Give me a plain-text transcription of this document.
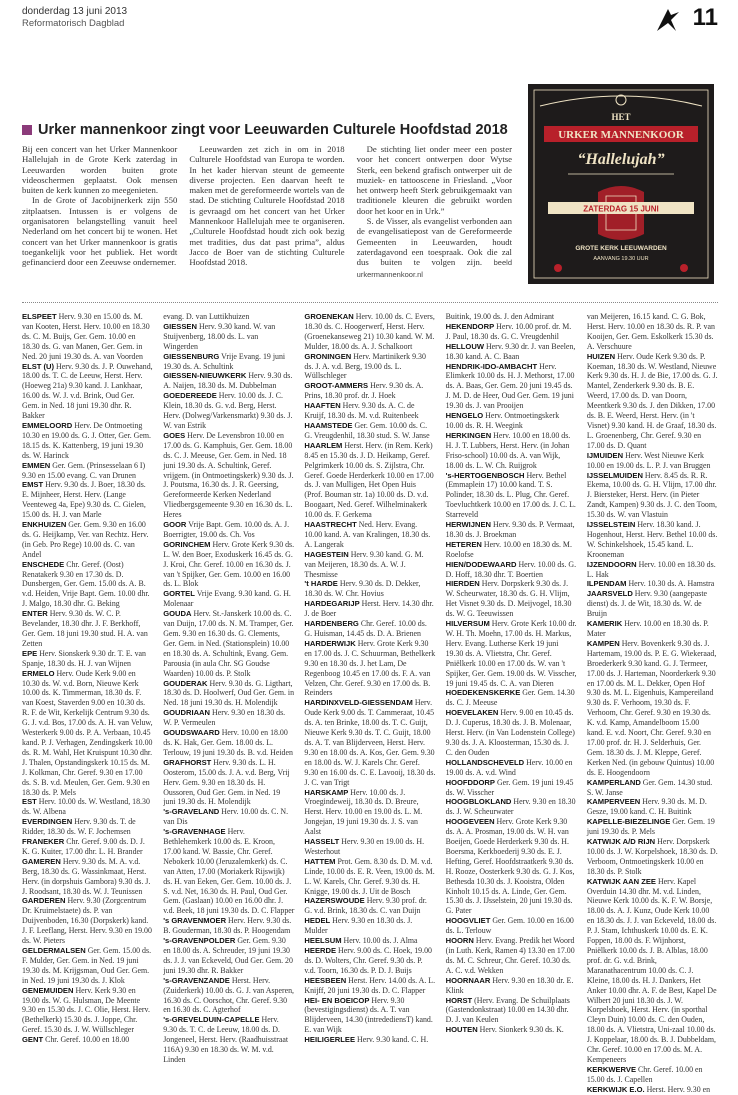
donderdag 13 juni 2013
Reformatorisch Dagblad	11
Urker mannenkoor zingt voor Leeuwarden Culturele Hoofdstad 2018

Bij een concert van het Urker Mannenkoor Hallelujah in de Grote Kerk zaterdag in Leeuwarden worden buiten grote videoschermen geplaatst. Ook mensen buiten de kerk kunnen zo meegenieten.

In de Grote of Jacobijnerkerk zijn 550 zitplaatsen. Intussen is er volgens de organisatoren belangstelling vanuit heel Nederland om het concert bij te wonen. Het concert van het Urker mannenkoor is gratis toegankelijk voor het publiek. Het wordt gefinancierd door een Zeeuwse ondernemer.

Leeuwarden zet zich in om in 2018 Culturele Hoofdstad van Europa te worden. In het kader hiervan steunt de gemeente diverse projecten. Een daarvan heeft te maken met de gereformeerde wortels van de stad. De stichting Culturele Hoofdstad 2018 is gevraagd om het concert van het Urker Mannenkoor Hallelujah mee te organiseren. „Culturele Hoofdstad houdt zich ook bezig met tradities, dus dat past prima”, aldus Jacco de Boer van de stichting Culturele Hoofdstad 2018.

De stichting liet onder meer een poster voor het concert ontwerpen door Wytse Sterk, een bekend grafisch ontwerper uit de muziek- en tattooscene in Friesland. „Voor het ontwerp heeft Sterk gebruikgemaakt van traditionele kleuren die gebruikt worden door het koor en in Urk.”

S. de Visser, als evangelist verbonden aan de evangelisatiepost van de Gereformeerde Gemeenten in Leeuwarden, houdt zaterdagavond een toespraak. Ook die zal dus buiten te volgen zijn. beeld urkermannenkoor.nl

HET
URKER MANNENKOOR
“Hallelujah”
ZATERDAG 15 JUNI
GROTE KERK LEEUWARDEN
AANVANG 19.30 UUR

ELSPEET Herv. 9.30 en 15.00 ds. M. van Kooten, Herst. Herv. 10.00 en 18.30 ds. C. M. Buijs, Ger. Gem. 10.00 en 18.30 ds. G. van Manen, Ger. Gem. in Ned. 20 juni 19.30 ds. A. van Voorden

ELST (U) Herv. 9.30 ds. J. P. Ouwehand, 18.00 ds. T. C. de Leeuw, Herst. Herv. (Hoeweg 21a) 9.30 kand. J. Lankhaar, 16.00 ds. W. J. v.d. Brink, Oud Ger. Gem. in Ned. 18 juni 19.30 dhr. R. Bakker

EMMELOORD Herv. De Ontmoeting 10.30 en 19.00 ds. G. J. Otter, Ger. Gem. 18.15 ds. K. Kattenberg, 19 juni 19.30 ds. W. Harinck

EMMEN Ger. Gem. (Prinsesselaan 6 I) 9.30 en 15.00 evang. C. van Drunen

EMST Herv. 9.30 ds. J. Boer, 18.30 ds. E. Mijnheer, Herst. Herv. (Lange Veenteweg 4a, Epe) 9.30 ds. C. Gielen, 15.00 ds. H. J. van Marle

ENKHUIZEN Ger. Gem. 9.30 en 16.00 ds. G. Heijkamp, Ver. van Rechtz. Herv. (in Geb. Pro Rege) 10.00 ds. C. van Andel

ENSCHEDE Chr. Geref. (Oost) Renatakerk 9.30 en 17.30 ds. D. Dunsbergen, Ger. Gem. 15.00 ds. A. B. v.d. Heiden, Vrije Bapt. Gem. 10.00 dhr. J. Malgo, 18.30 dhr. G. Beking

ENTER Herv. 9.30 ds. W. C. P. Bevelander, 18.30 dhr. J. F. Berkhoff, Ger. Gem. 18 juni 19.30 stud. H. A. van Zetten

EPE Herv. Sionskerk 9.30 dr. T. E. van Spanje, 18.30 ds. H. J. van Wijnen

ERMELO Herv. Oude Kerk 9.00 en 10.30 ds. W. v.d. Born, Nieuwe Kerk 10.00 ds. K. Timmerman, 18.30 ds. F. van Koest, Staverden 9.00 en 10.30 ds. R. F. de Wit, Kerkelijk Centrum 9.30 ds. G. J. v.d. Bos, 17.00 ds. A. H. van Veluw, Westerkerk 9.00 ds. P. A. Verbaan, 10.45 kand. P. J. Verhagen, Zendingskerk 10.00 ds. R. M. Wahl, Het Kruispunt 10.30 dhr. J. Thalen, Opstandingskerk 10.15 ds. M. J. Kolkman, Chr. Geref. 9.30 en 17.00 ds. S. B. v.d. Meulen, Ger. Gem. 9.30 en 18.30 ds. P. Mels

EST Herv. 10.00 ds. W. Westland, 18.30 ds. W. Albena

EVERDINGEN Herv. 9.30 ds. T. de Ridder, 18.30 ds. W. F. Jochemsen

FRANEKER Chr. Geref. 9.00 ds. D. J. K. G. Kuiter, 17.00 dhr. L. H. Brander

GAMEREN Herv. 9.30 ds. M. A. v.d. Berg, 18.30 ds. G. Wassinkmaat, Herst. Herv. (in dorpshuis Gambora) 9.30 ds. J. J. Roodsant, 18.30 ds. W. J. Teunissen

GARDEREN Herv. 9.30 (Zorgcentrum Dr. Kruimelstaete) ds. P. van Duijvenboden, 16.30 (Dorpskerk) kand. J. F. Leeflang, Herst. Herv. 9.30 en 19.00 ds. W. Pieters

GELDERMALSEN Ger. Gem. 15.00 ds. F. Mulder, Ger. Gem. in Ned. 19 juni 19.30 ds. M. Krijgsman, Oud Ger. Gem. in Ned. 19 juni 19.30 ds. J. Klok

GENEMUIDEN Herv. Kerk 9.30 en 19.00 ds. W. G. Hulsman, De Meente 9.30 en 15.30 ds. J. C. Olie, Herst. Herv. (Bethelkerk) 15.30 ds. J. Joppe, Chr. Geref. 15.30 ds. J. W. Wüllschleger

GENT Chr. Geref. 10.00 en 18.00

evang. D. van Luttikhuizen

GIESSEN Herv. 9.30 kand. W. van Stuijvenberg, 18.00 ds. L. van Wingerden

GIESSENBURG Vrije Evang. 19 juni 19.30 ds. A. Schultink

GIESSEN-NIEUWKERK Herv. 9.30 ds. A. Naijen, 18.30 ds. M. Dubbelman

GOEDEREEDE Herv. 10.00 ds. J. C. Klein, 18.30 ds. G. v.d. Berg, Herst. Herv. (Dolweg/Varkensmarkt) 9.30 ds. J. W. van Estrik

GOES Herv. De Levensbron 10.00 en 17.00 ds. G. Kamphuis, Ger. Gem. 18.00 ds. C. J. Meeuse, Ger. Gem. in Ned. 18 juni 19.30 ds. A. Schultink, Geref. vrijgem. (in Ontmoetingskerk) 9.30 ds. J. J. Poutsma, 16.30 ds. J. R. Geersing, Gereformeerde Kerken Nederland Vliedbergsgemeente 9.30 en 16.30 ds. L. Heres

GOOR Vrije Bapt. Gem. 10.00 ds. A. J. Boerrigter, 19.00 ds. Ch. Vos

GORINCHEM Herv. Grote Kerk 9.30 ds. L. W. den Boer, Exoduskerk 16.45 ds. G. J. Kroi, Chr. Geref. 10.00 en 16.30 ds. J. van 't Spijker, Ger. Gem. 10.00 en 16.00 ds. L. Blok

GORTEL Vrije Evang. 9.30 kand. G. H. Molenaar

GOUDA Herv. St.-Janskerk 10.00 ds. C. van Duijn, 17.00 ds. N. M. Tramper, Ger. Gem. 9.30 en 16.30 ds. G. Clements, Ger. Gem. in Ned. (Stationsplein) 10.00 en 18.30 ds. A. Schultink, Evang. Gem. Parousia (in aula Chr. SG Goudse Waarden) 10.00 ds. P. Stolk

GOUDERAK Herv. 9.30 ds. G. Ligthart, 18.30 ds. D. Hoolwerf, Oud Ger. Gem. in Ned. 18 juni 19.30 ds. H. Molendijk

GOUDRIAAN Herv. 9.30 en 18.30 ds. W. P. Vermeulen

GOUDSWAARD Herv. 10.00 en 18.00 ds. K. Hak, Ger. Gem. 18.00 ds. L. Terlouw, 19 juni 19.30 ds. B. v.d. Heiden

GRAFHORST Herv. 9.30 ds. L. H. Oosterom, 15.00 ds. J. A. v.d. Berg, Vrij Herv. Gem. 9.30 en 18.30 ds. H. Oussoren, Oud Ger. Gem. in Ned. 19 juni 19.30 ds. H. Molendijk

's-GRAVELAND Herv. 10.00 ds. C. N. van Dis

's-GRAVENHAGE Herv. Bethlehemkerk 10.00 ds. E. Kroon, 17.00 kand. W. Bassie, Chr. Geref. Nebokerk 10.00 (Jeruzalemkerk) ds. C. van Atten, 17.00 (Moriakerk Rijswijk) ds. H. van Eeken, Ger. Gem. 10.00 ds. J. S. v.d. Net, 16.30 ds. H. Paul, Oud Ger. Gem. (Gaslaan) 10.00 en 16.00 dhr. J. v.d. Beek, 18 juni 19.30 ds. D. C. Flapper

's GRAVENMOER Herv. Herv. 9.30 ds. B. Gouderman, 18.30 ds. P. Hoogendam

's-GRAVENPOLDER Ger. Gem. 9.30 en 18.00 ds. A. Schreuder, 19 juni 19.30 ds. J. J. van Eckeveld, Oud Ger. Gem. 20 juni 19.30 dhr. R. Bakker

's-GRAVENZANDE Herst. Herv. (Zuiderkerk) 10.00 ds. G. J. van Asperen, 16.30 ds. C. Oorschot, Chr. Geref. 9.30 en 16.30 ds. C. Agterhof

's-GREVELDUIN-CAPELLE Herv. 9.30 ds. T. C. de Leeuw, 18.00 ds. D. Jongeneel, Herst. Herv. (Raadhuisstraat 116A) 9.30 en 18.30 ds. W. M. v.d. Linden

GROENEKAN Herv. 10.00 ds. C. Evers, 18.30 ds. C. Hoogerwerf, Herst. Herv. (Groenekanseweg 21) 10.30 kand. W. M. Mulder, 18.00 ds. A. J. Schalkoort

GRONINGEN Herv. Martinikerk 9.30 ds. J. A. v.d. Berg, 19.00 ds. L. Wüllschleger

GROOT-AMMERS Herv. 9.30 ds. A. Prins, 18.30 prof. dr. J. Hoek

HAAFTEN Herv. 9.30 ds. A. C. de Kruijf, 18.30 ds. M. v.d. Ruitenbeek

HAAMSTEDE Ger. Gem. 10.00 ds. C. G. Vreugdenhil, 18.30 stud. S. W. Janse

HAARLEM Herst. Herv. (in Rem. Kerk) 8.45 en 15.30 ds. J. D. Heikamp, Geref. Pelgrimkerk 10.00 ds. S. Zijlstra, Chr. Geref. Goede Herderkerk 10.00 en 17.00 ds. J. van Mulligen, Het Open Huis (Prof. Bouman str. 1a) 10.00 ds. D. v.d. Boogaart, Ned. Geref. Wilhelminakerk 10.00 ds. F. Gerkema

HAASTRECHT Ned. Herv. Evang. 10.00 kand. A. van Kralingen, 18.30 ds. A. Langerak

HAGESTEIN Herv. 9.30 kand. G. M. van Meijeren, 18.30 ds. A. W. J. Thesmisse

't HARDE Herv. 9.30 ds. D. Dekker, 18.30 ds. W. Chr. Hovius

HARDEGARIJP Herst. Herv. 14.30 dhr. J. de Boer

HARDENBERG Chr. Geref. 10.00 ds. G. Huisman, 14.45 ds. D. A. Brienen

HARDERWIJK Herv. Grote Kerk 9.30 en 17.00 ds. J. C. Schuurman, Bethelkerk 9.30 en 18.30 ds. J. het Lam, De Regenboog 10.45 en 17.00 ds. F. A. van Velzen, Chr. Geref. 9.30 en 17.00 ds. B. Reinders

HARDINXVELD-GIESSENDAM Herv. Oude Kerk 9.00 ds. T. Cammeraat, 10.45 ds. A. ten Brinke, 18.00 ds. T. C. Guijt, Nieuwe Kerk 9.30 ds. T. C. Guijt, 18.00 ds. A. T. van Blijderveen, Herst. Herv. 9.30 en 18.00 ds. A. Kos, Ger. Gem. 9.30 en 18.00 ds. W. J. Karels Chr. Geref. 9.30 en 16.00 ds. C. E. Lavooij, 18.30 ds. J. C. van Trigt

HARSKAMP Herv. 10.00 ds. J. Vroegindeweij, 18.30 ds. D. Breure, Herst. Herv. 10.00 en 19.00 ds. L. M. Jongejan, 19 juni 19.30 ds. J. S. van Aalst

HASSELT Herv. 9.30 en 19.00 ds. H. Westerhout

HATTEM Prot. Gem. 8.30 ds. D. M. v.d. Linde, 10.00 ds. E. R. Veen, 19.00 ds. M. L. W. Karels, Chr. Geref. 9.30 ds. H. Knigge, 19.00 ds. J. Uit de Bosch

HAZERSWOUDE Herv. 9.30 prof. dr. G. v.d. Brink, 18.30 ds. C. van Duijn

HEDEL Herv. 9.30 en 18.30 ds. J. Mulder

HEELSUM Herv. 10.00 ds. J. Alma

HEERDE Herv. 9.00 ds. C. Hoek, 19.00 ds. D. Wolters, Chr. Geref. 9.30 ds. P. v.d. Toorn, 16.30 ds. P. D. J. Buijs

HEESBEEN Herst. Herv. 14.00 ds. A. L. Knijff, 20 juni 19.30 ds. D. C. Flapper

HEI- EN BOEICOP Herv. 9.30 (bevestigingsdienst) ds. A. T. van Blijderveen, 14.30 (intredediensT) kand. E. van Wijk

HEILIGERLEE Herv. 9.30 kand. C. H.

Buitink, 19.00 ds. J. den Admirant

HEKENDORP Herv. 10.00 prof. dr. M. J. Paul, 18.30 ds. G. C. Vreugdenhil

HELLOUW Herv. 9.30 dr. J. van Beelen, 18.30 kand. A. C. Baan

HENDRIK-IDO-AMBACHT Herv. Elimkerk 10.00 ds. H. J. Methorst, 17.00 ds. A. Baas, Ger. Gem. 20 juni 19.45 ds. J. M. D. de Heer, Oud Ger. Gem. 19 juni 19.30 ds. J. van Prooijen

HENGELO Herv. Ontmoetingskerk 10.00 ds. R. H. Weegink

HERKINGEN Herv. 10.00 en 18.00 ds. H. J. T. Lubbers, Herst. Herv. (in Johan Friso-school) 10.00 ds. A. van Wijk, 18.00 ds. L. W. Ch. Ruijgrok

's-HERTOGENBOSCH Herv. Bethel (Emmaplein 17) 10.00 kand. T. S. Polinder, 18.30 ds. L. Plug, Chr. Geref. Toevluchtkerk 10.00 en 17.00 ds. J. C. L. Starreveld

HERWIJNEN Herv. 9.30 ds. P. Vermaat, 18.30 ds. J. Broekman

HETEREN Herv. 10.00 en 18.30 ds. M. Roelofse

HIEN/DODEWAARD Herv. 10.00 ds. G. D. Hoff, 18.30 dhr. T. Boertien

HIERDEN Herv. Dorpskerk 9.30 ds. J. W. Scheurwater, 18.30 ds. G. H. Vlijm, Het Visnet 9.30 ds. D. Meijvogel, 18.30 ds. W. G. Teeuwissen

HILVERSUM Herv. Grote Kerk 10.00 dr. W. H. Th. Moehn, 17.00 ds. H. Markus, Herv. Evang. Lutherse Kerk 19 juni 19.30 ds. A. Vlietstra, Chr. Geref. Pniëlkerk 10.00 en 17.00 ds. W. van 't Spijker, Ger. Gem. 19.00 ds. W. Visscher, 19 juni 19.45 ds. C. A. van Dieren

HOEDEKENSKERKE Ger. Gem. 14.30 ds. C. J. Meeuse

HOEVELAKEN Herv. 9.00 en 10.45 ds. D. J. Cuperus, 18.30 ds. J. B. Molenaar, Herst. Herv. (in Van Lodenstein College) 9.30 ds. J. A. Kloosterman, 15.30 ds. J. C. den Ouden

HOLLANDSCHEVELD Herv. 10.00 en 19.00 ds. A. v.d. Wind

HOOFDDORP Ger. Gem. 19 juni 19.45 ds. W. Visscher

HOOGBLOKLAND Herv. 9.30 en 18.30 ds. J. W. Scheurwater

HOOGEVEEN Herv. Grote Kerk 9.30 ds. A. A. Prosman, 19.00 ds. W. H. van Boeijen, Goede Herderkerk 9.30 ds. H. Boersma, Kerkboederij 9.30 ds. E. J. Hefting, Geref. Hoofdstraatkerk 9.30 ds. H. Rooze, Oosterkerk 9.30 ds. G. J. Kos, Bethesda 10.30 ds. J. Kooistra, Olden Kinholt 10.15 ds. A. Linde, Ger. Gem. 15.30 ds. J. IJsselstein, 20 juni 19.30 ds. G. Pater

HOOGVLIET Ger. Gem. 10.00 en 16.00 ds. L. Terlouw

HOORN Herv. Evang. Predik het Woord (in Luth. Kerk, Ramen 4) 13.30 en 17.00 ds. M. C. Schreur, Chr. Geref. 10.30 ds. A. C. v.d. Wekken

HOORNAAR Herv. 9.30 en 18.30 dr. E. Klink

HORST (Herv. Evang. De Schuilplaats (Gastendonkstraat) 10.00 en 14.30 dhr. D. J. van Keulen

HOUTEN Herv. Sionkerk 9.30 ds. K.

van Meijeren, 16.15 kand. C. G. Bok, Herst. Herv. 10.00 en 18.30 ds. R. P. van Kooijen, Ger. Gem. Eskolkerk 15.30 ds. A. Verschuure

HUIZEN Herv. Oude Kerk 9.30 ds. P. Koeman, 18.30 ds. W. Westland, Nieuwe Kerk 9.30 ds. H. J. de Bie, 17.00 ds. G. J. Mantel, Zenderkerk 9.30 ds. B. E. Weerd, 17.00 ds. D. van Doorn, Meentkerk 9.30 ds. J. den Dikken, 17.00 ds. B. E. Weerd, Herst. Herv. (in 't Visnet) 9.30 kand. H. de Graaf, 18.30 ds. L. Groenenberg, Chr. Geref. 9.30 en 17.00 ds. D. Quant

IJMUIDEN Herv. West Nieuwe Kerk 10.00 en 19.00 ds. L. P. J. van Bruggen

IJSSELMUIDEN Herv. 8.45 ds. R. R. Ekema, 10.00 ds. G. H. Vlijm, 17.00 dhr. J. Biersteker, Herst. Herv. (in Pieter Zandt, Kampen) 9.30 ds. J. C. den Toom, 15.30 ds. W. van Vlastuin

IJSSELSTEIN Herv. 18.30 kand. J. Hogenhout, Herst. Herv. Bethel 10.00 ds. W. Schinkelshoek, 15.45 kand. L. Krooneman

IJZENDOORN Herv. 10.00 en 18.30 ds. L. Hak

ILPENDAM Herv. 10.30 ds. A. Hamstra

JAARSVELD Herv. 9.30 (aangepaste dienst) ds. J. de Wit, 18.30 ds. W. de Bruijn

KAMERIK Herv. 10.00 en 18.30 ds. P. Mater

KAMPEN Herv. Bovenkerk 9.30 ds. J. Hartemam, 19.00 ds. P. E. G. Wiekeraad, Broederkerk 9.30 kand. G. J. Termeer, 17.00 ds. J. Harteman, Noorderkerk 9.30 en 17.00 ds. M. L. Dekker, Open Hof 9.30 ds. M. L. Eigenhuis, Kampereiland 9.30 ds. F. Verhoom, 19.30 ds. F. Verhoom, Chr. Geref. 9.30 en 19.30 ds. K. v.d. Kamp, Amandelboom 15.00 kand. E. v.d. Noort, Chr. Geref. 9.30 en 17.00 prof. dr. H. J. Selderhuis, Ger. Gem. 18.30 ds. J. M. Kleppe, Geref. Kerken Ned. (in gebouw Quintus) 10.00 ds. E. Hoogendoorn

KAMPERLAND Ger. Gem. 14.30 stud. S. W. Janse

KAMPERVEEN Herv. 9.30 ds. M. D. Gesze, 19.00 kand. C. H. Buitink

KAPELLE-BIEZELINGE Ger. Gem. 19 juni 19.30 ds. P. Mels

KATWIJK A/D RIJN Herv. Dorpskerk 10.00 ds. J. W. Korpelshoek, 18.30 ds. D. Verboom, Ontmoetingskerk 10.00 en 18.30 ds. P. Stolk

KATWIJK AAN ZEE Herv. Kapel Overduin 14.30 dhr. M. v.d. Linden, Nieuwe Kerk 10.00 ds. K. F. W. Borsje, 18.00 ds. A. J. Kunz, Oude Kerk 10.00 en 18.30 ds. J. J. van Eckeveld, 18.00 ds. P. J. Stam, Ichthuskerk 10.00 ds. E. K. Foppen, 18.00 ds. F. Wijnhorst, Pniëlkerk 10.00 ds. J. B. Alblas, 18.00 prof. dr. G. v.d. Brink, Maranathacentrum 10.00 ds. C. J. Kleine, 18.00 ds. H. J. Dankers, Het Anker 10.00 dhr. A. F. de Best, Kapel De Wilbert 20 juni 18.30 ds. J. W. Korpelshoek, Herst. Herv. (in sporthal Cleyn Duin) 10.00 ds. C. den Ouden, 18.00 ds. A. Vlietstra, Uni-zaal 10.00 ds. J. Koppelaar, 18.00 ds. B. J. Dubbeldam, Chr. Geref. 10.00 en 17.00 ds. M. A. Kempeneers

KERKWERVE Chr. Geref. 10.00 en 15.00 ds. J. Capellen

KERKWIJK E.O. Herst. Herv. 9.30 en
